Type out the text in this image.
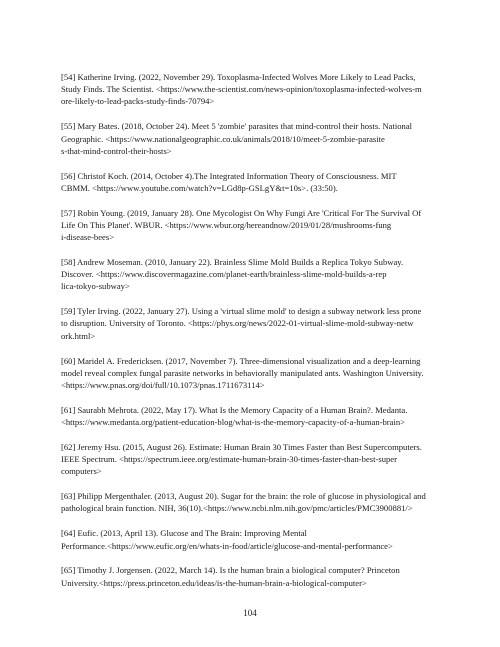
[54] Katherine Irving. (2022, November 29). Toxoplasma-Infected Wolves More Likely to Lead Packs,
Study Finds. The Scientist. <https://www.the-scientist.com/news-opinion/toxoplasma-infected-wolves-m
ore-likely-to-lead-packs-study-finds-70794>

[55] Mary Bates. (2018, October 24). Meet 5 'zombie' parasites that mind-control their hosts. National
Geographic. <https://www.nationalgeographic.co.uk/animals/2018/10/meet-5-zombie-parasite
s-that-mind-control-their-hosts>

[56] Christof Koch. (2014, October 4).The Integrated Information Theory of Consciousness. MIT
CBMM. <https://www.youtube.com/watch?v=LGd8p-GSLgY&t=10s>. (33:50).

[57] Robin Young. (2019, January 28). One Mycologist On Why Fungi Are 'Critical For The Survival Of
Life On This Planet'. WBUR. <https://www.wbur.org/hereandnow/2019/01/28/mushrooms-fung
i-disease-bees>

[58] Andrew Moseman. (2010, January 22). Brainless Slime Mold Builds a Replica Tokyo Subway.
Discover. <https://www.discovermagazine.com/planet-earth/brainless-slime-mold-builds-a-rep
lica-tokyo-subway>

[59] Tyler Irving. (2022, January 27). Using a 'virtual slime mold' to design a subway network less prone
to disruption. University of Toronto. <https://phys.org/news/2022-01-virtual-slime-mold-subway-netw
ork.html>

[60] Maridel A. Fredericksen. (2017, November 7). Three-dimensional visualization and a deep-learning
model reveal complex fungal parasite networks in behaviorally manipulated ants. Washington University.
<https://www.pnas.org/doi/full/10.1073/pnas.1711673114>

[61] Saurabh Mehrota. (2022, May 17). What Is the Memory Capacity of a Human Brain?. Medanta.
<https://www.medanta.org/patient-education-blog/what-is-the-memory-capacity-of-a-human-brain>

[62] Jeremy Hsu. (2015, August 26). Estimate: Human Brain 30 Times Faster than Best Supercomputers.
IEEE Spectrum. <https://spectrum.ieee.org/estimate-human-brain-30-times-faster-than-best-super
computers>

[63] Philipp Mergenthaler. (2013, August 20). Sugar for the brain: the role of glucose in physiological and
pathological brain function. NIH, 36(10).<https://www.ncbi.nlm.nih.gov/pmc/articles/PMC3900881/>

[64] Eufic. (2013, April 13). Glucose and The Brain: Improving Mental
Performance.<https://www.eufic.org/en/whats-in-food/article/glucose-and-mental-performance>

[65] Timothy J. Jorgensen. (2022, March 14). Is the human brain a biological computer? Princeton
University.<https://press.princeton.edu/ideas/is-the-human-brain-a-biological-computer>

104
